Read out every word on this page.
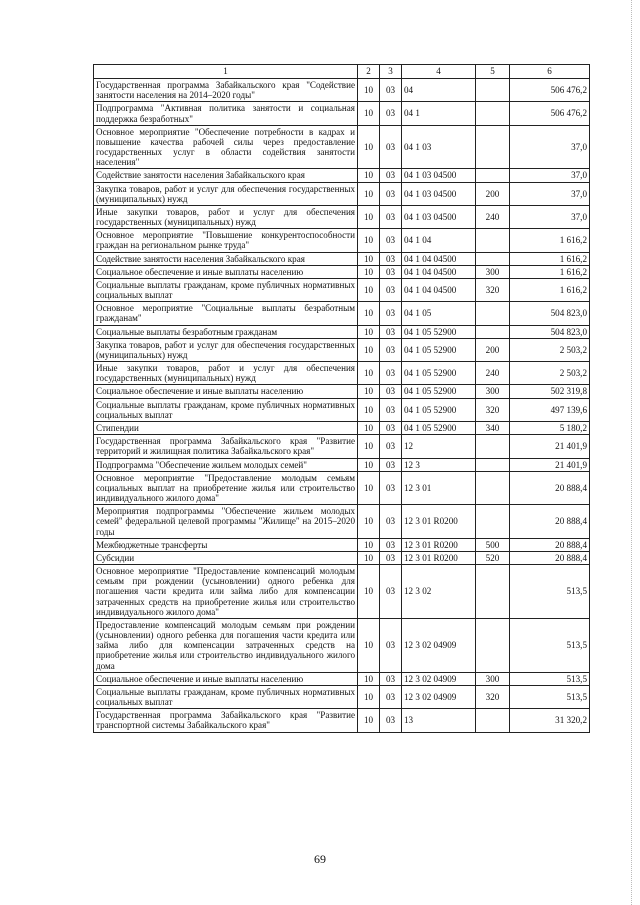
1	2	3	4	5	6
Государственная программа Забайкальского края "Содействие занятости населения на 2014–2020 годы"	10	03	04		506 476,2
Подпрограмма "Активная политика занятости и социальная поддержка безработных"	10	03	04 1		506 476,2
Основное мероприятие "Обеспечение потребности в кадрах и повышение качества рабочей силы через предоставление государственных услуг в области содействия занятости населения"	10	03	04 1 03		37,0
Содействие занятости населения Забайкальского края	10	03	04 1 03 04500		37,0
Закупка товаров, работ и услуг для обеспечения государственных (муниципальных) нужд	10	03	04 1 03 04500	200	37,0
Иные закупки товаров, работ и услуг для обеспечения государственных (муниципальных) нужд	10	03	04 1 03 04500	240	37,0
Основное мероприятие "Повышение конкурентоспособности граждан на региональном рынке труда"	10	03	04 1 04		1 616,2
Содействие занятости населения Забайкальского края	10	03	04 1 04 04500		1 616,2
Социальное обеспечение и иные выплаты населению	10	03	04 1 04 04500	300	1 616,2
Социальные выплаты гражданам, кроме публичных нормативных социальных выплат	10	03	04 1 04 04500	320	1 616,2
Основное мероприятие "Социальные выплаты безработным гражданам"	10	03	04 1 05		504 823,0
Социальные выплаты безработным гражданам	10	03	04 1 05 52900		504 823,0
Закупка товаров, работ и услуг для обеспечения государственных (муниципальных) нужд	10	03	04 1 05 52900	200	2 503,2
Иные закупки товаров, работ и услуг для обеспечения государственных (муниципальных) нужд	10	03	04 1 05 52900	240	2 503,2
Социальное обеспечение и иные выплаты населению	10	03	04 1 05 52900	300	502 319,8
Социальные выплаты гражданам, кроме публичных нормативных социальных выплат	10	03	04 1 05 52900	320	497 139,6
Стипендии	10	03	04 1 05 52900	340	5 180,2
Государственная программа Забайкальского края "Развитие территорий и жилищная политика Забайкальского края"	10	03	12		21 401,9
Подпрограмма "Обеспечение жильем молодых семей"	10	03	12 3		21 401,9
Основное мероприятие "Предоставление молодым семьям социальных выплат на приобретение жилья или строительство индивидуального жилого дома"	10	03	12 3 01		20 888,4
Мероприятия подпрограммы "Обеспечение жильем молодых семей" федеральной целевой программы "Жилище" на 2015–2020 годы	10	03	12 3 01 R0200		20 888,4
Межбюджетные трансферты	10	03	12 3 01 R0200	500	20 888,4
Субсидии	10	03	12 3 01 R0200	520	20 888,4
Основное мероприятие "Предоставление компенсаций молодым семьям при рождении (усыновлении) одного ребенка для погашения части кредита или займа либо для компенсации затраченных средств на приобретение жилья или строительство индивидуального жилого дома"	10	03	12 3 02		513,5
Предоставление компенсаций молодым семьям при рождении (усыновлении) одного ребенка для погашения части кредита или займа либо для компенсации затраченных средств на приобретение жилья или строительство индивидуального жилого дома	10	03	12 3 02 04909		513,5
Социальное обеспечение и иные выплаты населению	10	03	12 3 02 04909	300	513,5
Социальные выплаты гражданам, кроме публичных нормативных социальных выплат	10	03	12 3 02 04909	320	513,5
Государственная программа Забайкальского края "Развитие транспортной системы Забайкальского края"	10	03	13		31 320,2
69
